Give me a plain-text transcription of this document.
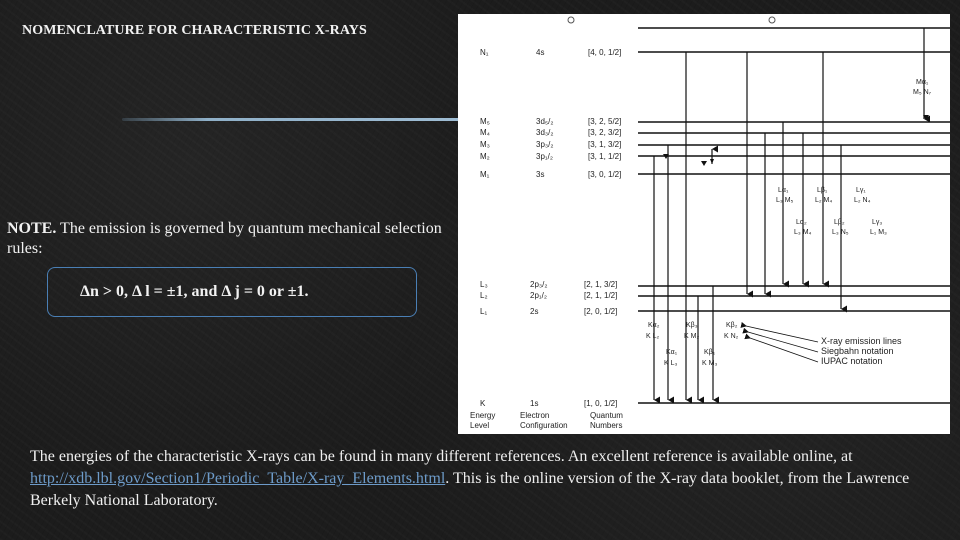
NOMENCLATURE FOR CHARACTERISTIC X-RAYS
NOTE. The emission is governed by quantum mechanical selection rules:
Δn > 0, Δ l = ±1, and Δ j = 0 or ±1.
N₁	4s	[4, 0, 1/2]
M₅	3d₅/₂	[3, 2, 5/2]
M₄	3d₃/₂	[3, 2, 3/2]
M₃	3p₃/₂	[3, 1, 3/2]
M₂	3p₁/₂	[3, 1, 1/2]
M₁	3s	[3, 0, 1/2]
L₃	2p₃/₂	[2, 1, 3/2]
L₂	2p₁/₂	[2, 1, 1/2]
L₁	2s	[2, 0, 1/2]
K	1s	[1, 0, 1/2]
Energy
Level
Electron
Configuration
Quantum
Numbers
Mα₁
M₅ N₇
Lα₁
L₃ M₅
Lβ₁
L₂ M₄
Lγ₁
L₂ N₄
Lα₂
L₃ M₄
Lβ₂
L₃ N₅
Lγ₃
L₁ M₃
Kα₂
K L₂
Kβ₃
K M₂
Kβ₂
K N₂
Kα₁
K L₃
Kβ₁
K M₃
X-ray emission lines
Siegbahn notation
IUPAC notation
The energies of the characteristic X-rays can be found in many different references. An excellent reference is available online, at http://xdb.lbl.gov/Section1/Periodic_Table/X-ray_Elements.html. This is the online version of the X-ray data booklet, from the Lawrence Berkely National Laboratory.
